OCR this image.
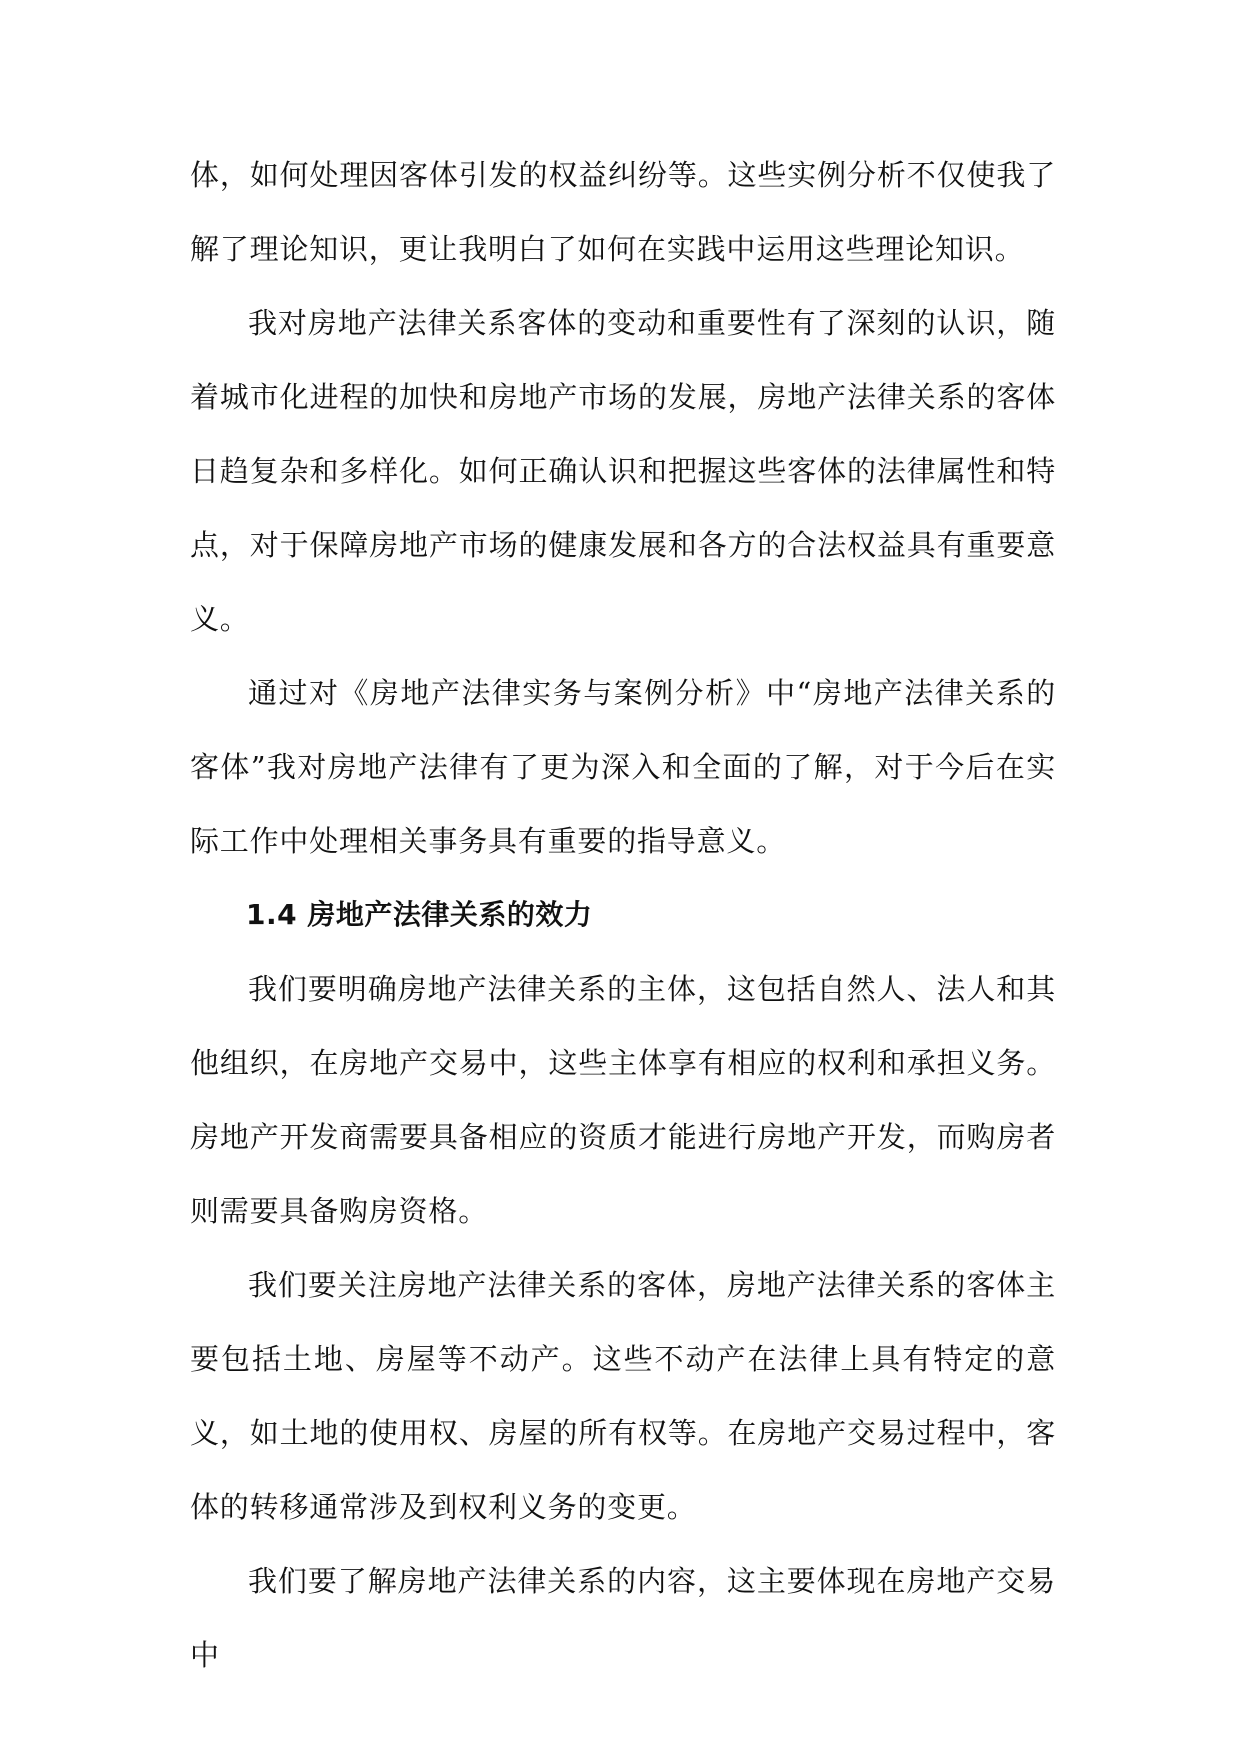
体，如何处理因客体引发的权益纠纷等。这些实例分析不仅使我了解了理论知识，更让我明白了如何在实践中运用这些理论知识。

我对房地产法律关系客体的变动和重要性有了深刻的认识，随着城市化进程的加快和房地产市场的发展，房地产法律关系的客体日趋复杂和多样化。如何正确认识和把握这些客体的法律属性和特点，对于保障房地产市场的健康发展和各方的合法权益具有重要意义。

通过对《房地产法律实务与案例分析》中“房地产法律关系的客体”我对房地产法律有了更为深入和全面的了解，对于今后在实际工作中处理相关事务具有重要的指导意义。

1.4 房地产法律关系的效力

我们要明确房地产法律关系的主体，这包括自然人、法人和其他组织，在房地产交易中，这些主体享有相应的权利和承担义务。房地产开发商需要具备相应的资质才能进行房地产开发，而购房者则需要具备购房资格。

我们要关注房地产法律关系的客体，房地产法律关系的客体主要包括土地、房屋等不动产。这些不动产在法律上具有特定的意义，如土地的使用权、房屋的所有权等。在房地产交易过程中，客体的转移通常涉及到权利义务的变更。

我们要了解房地产法律关系的内容，这主要体现在房地产交易中
